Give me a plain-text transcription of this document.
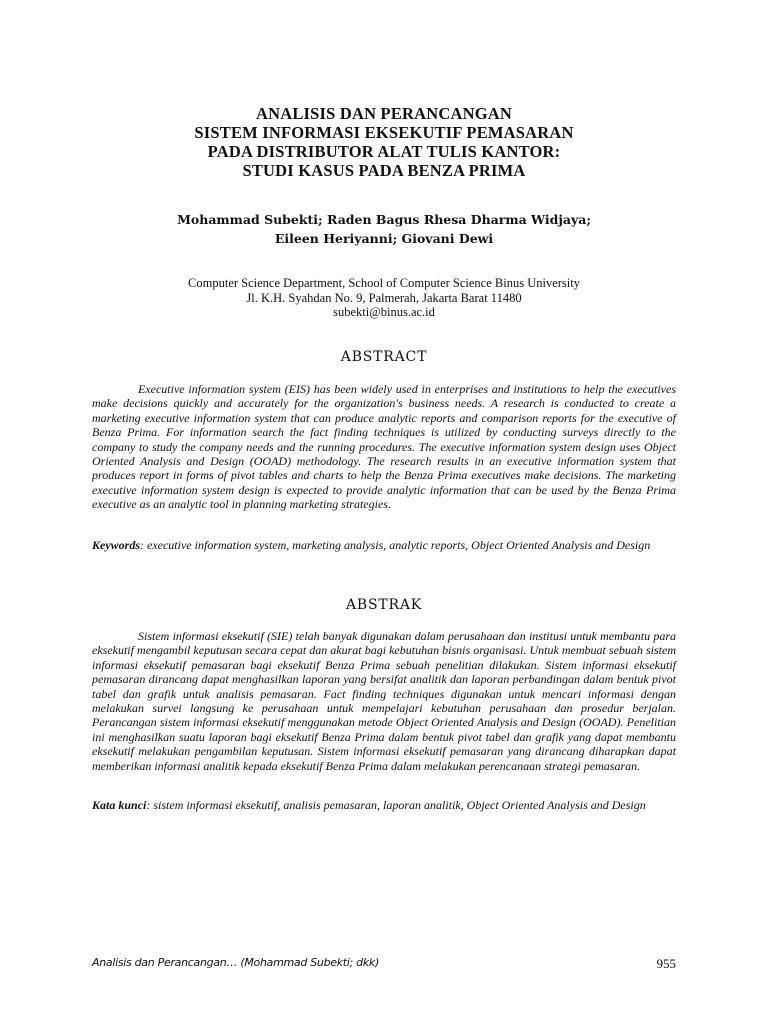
ANALISIS DAN PERANCANGAN
SISTEM INFORMASI EKSEKUTIF PEMASARAN
PADA DISTRIBUTOR ALAT TULIS KANTOR:
STUDI KASUS PADA BENZA PRIMA
Mohammad Subekti; Raden Bagus Rhesa Dharma Widjaya;
Eileen Heriyanni; Giovani Dewi
Computer Science Department, School of Computer Science Binus University
Jl. K.H. Syahdan No. 9, Palmerah, Jakarta Barat 11480
subekti@binus.ac.id
ABSTRACT

Executive information system (EIS) has been widely used in enterprises and institutions to help the executives make decisions quickly and accurately for the organization's business needs. A research is conducted to create a marketing executive information system that can produce analytic reports and comparison reports for the executive of Benza Prima. For information search the fact finding techniques is utilized by conducting surveys directly to the company to study the company needs and the running procedures. The executive information system design uses Object Oriented Analysis and Design (OOAD) methodology. The research results in an executive information system that produces report in forms of pivot tables and charts to help the Benza Prima executives make decisions. The marketing executive information system design is expected to provide analytic information that can be used by the Benza Prima executive as an analytic tool in planning marketing strategies.

Keywords: executive information system, marketing analysis, analytic reports, Object Oriented Analysis and Design

ABSTRAK

Sistem informasi eksekutif (SIE) telah banyak digunakan dalam perusahaan dan institusi untuk membantu para eksekutif mengambil keputusan secara cepat dan akurat bagi kebutuhan bisnis organisasi. Untuk membuat sebuah sistem informasi eksekutif pemasaran bagi eksekutif Benza Prima sebuah penelitian dilakukan. Sistem informasi eksekutif pemasaran dirancang dapat menghasilkan laporan yang bersifat analitik dan laporan perbandingan dalam bentuk pivot tabel dan grafik untuk analisis pemasaran. Fact finding techniques digunakan untuk mencari informasi dengan melakukan survei langsung ke perusahaan untuk mempelajari kebutuhan perusahaan dan prosedur berjalan. Perancangan sistem informasi eksekutif menggunakan metode Object Oriented Analysis and Design (OOAD). Penelitian ini menghasilkan suatu laporan bagi eksekutif Benza Prima dalam bentuk pivot tabel dan grafik yang dapat membantu eksekutif melakukan pengambilan keputusan. Sistem informasi eksekutif pemasaran yang dirancang diharapkan dapat memberikan informasi analitik kepada eksekutif Benza Prima dalam melakukan perencanaan strategi pemasaran.

Kata kunci: sistem informasi eksekutif, analisis pemasaran, laporan analitik, Object Oriented Analysis and Design

Analisis dan Perancangan… (Mohammad Subekti; dkk)	955
